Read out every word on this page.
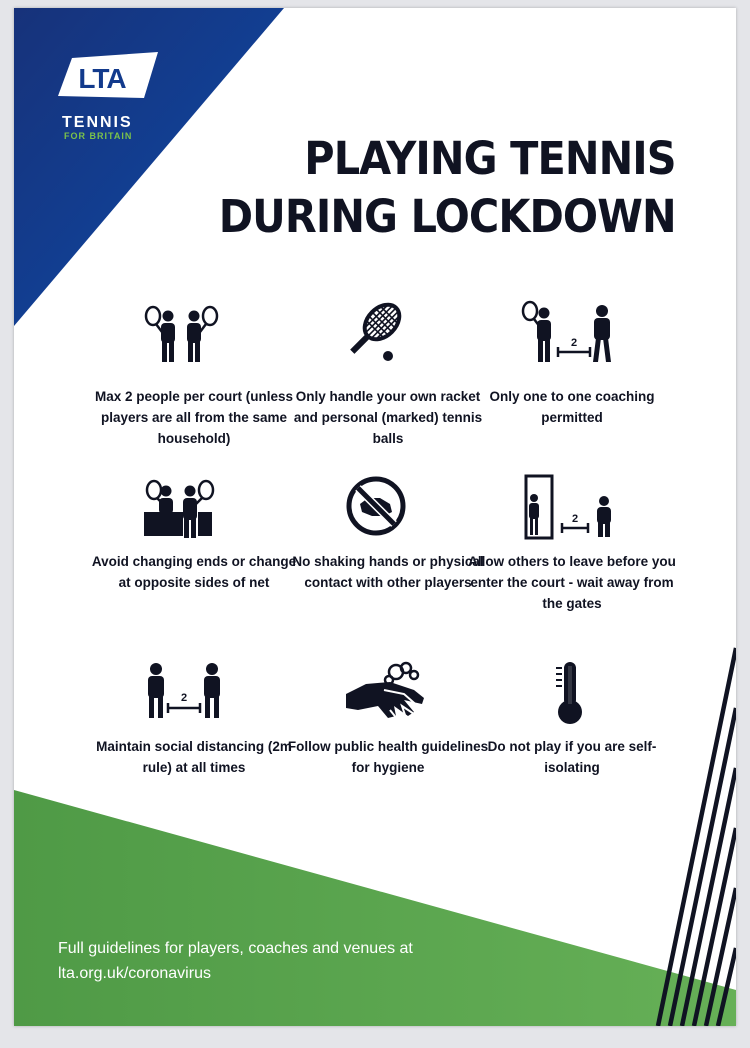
LTA
TENNIS
FOR BRITAIN	PLAYING TENNIS
DURING LOCKDOWN
2
Max 2 people per court (unless players are all from the same household)
Only handle your own racket and personal (marked) tennis balls
Only one to one coaching permitted
2
Avoid changing ends or change at opposite sides of net
No shaking hands or physical contact with other players
Allow others to leave before you enter the court - wait away from the gates
2
Maintain social distancing (2m rule) at all times
Follow public health guidelines for hygiene
Do not play if you are self-isolating
Full guidelines for players, coaches and venues at lta.org.uk/coronavirus
